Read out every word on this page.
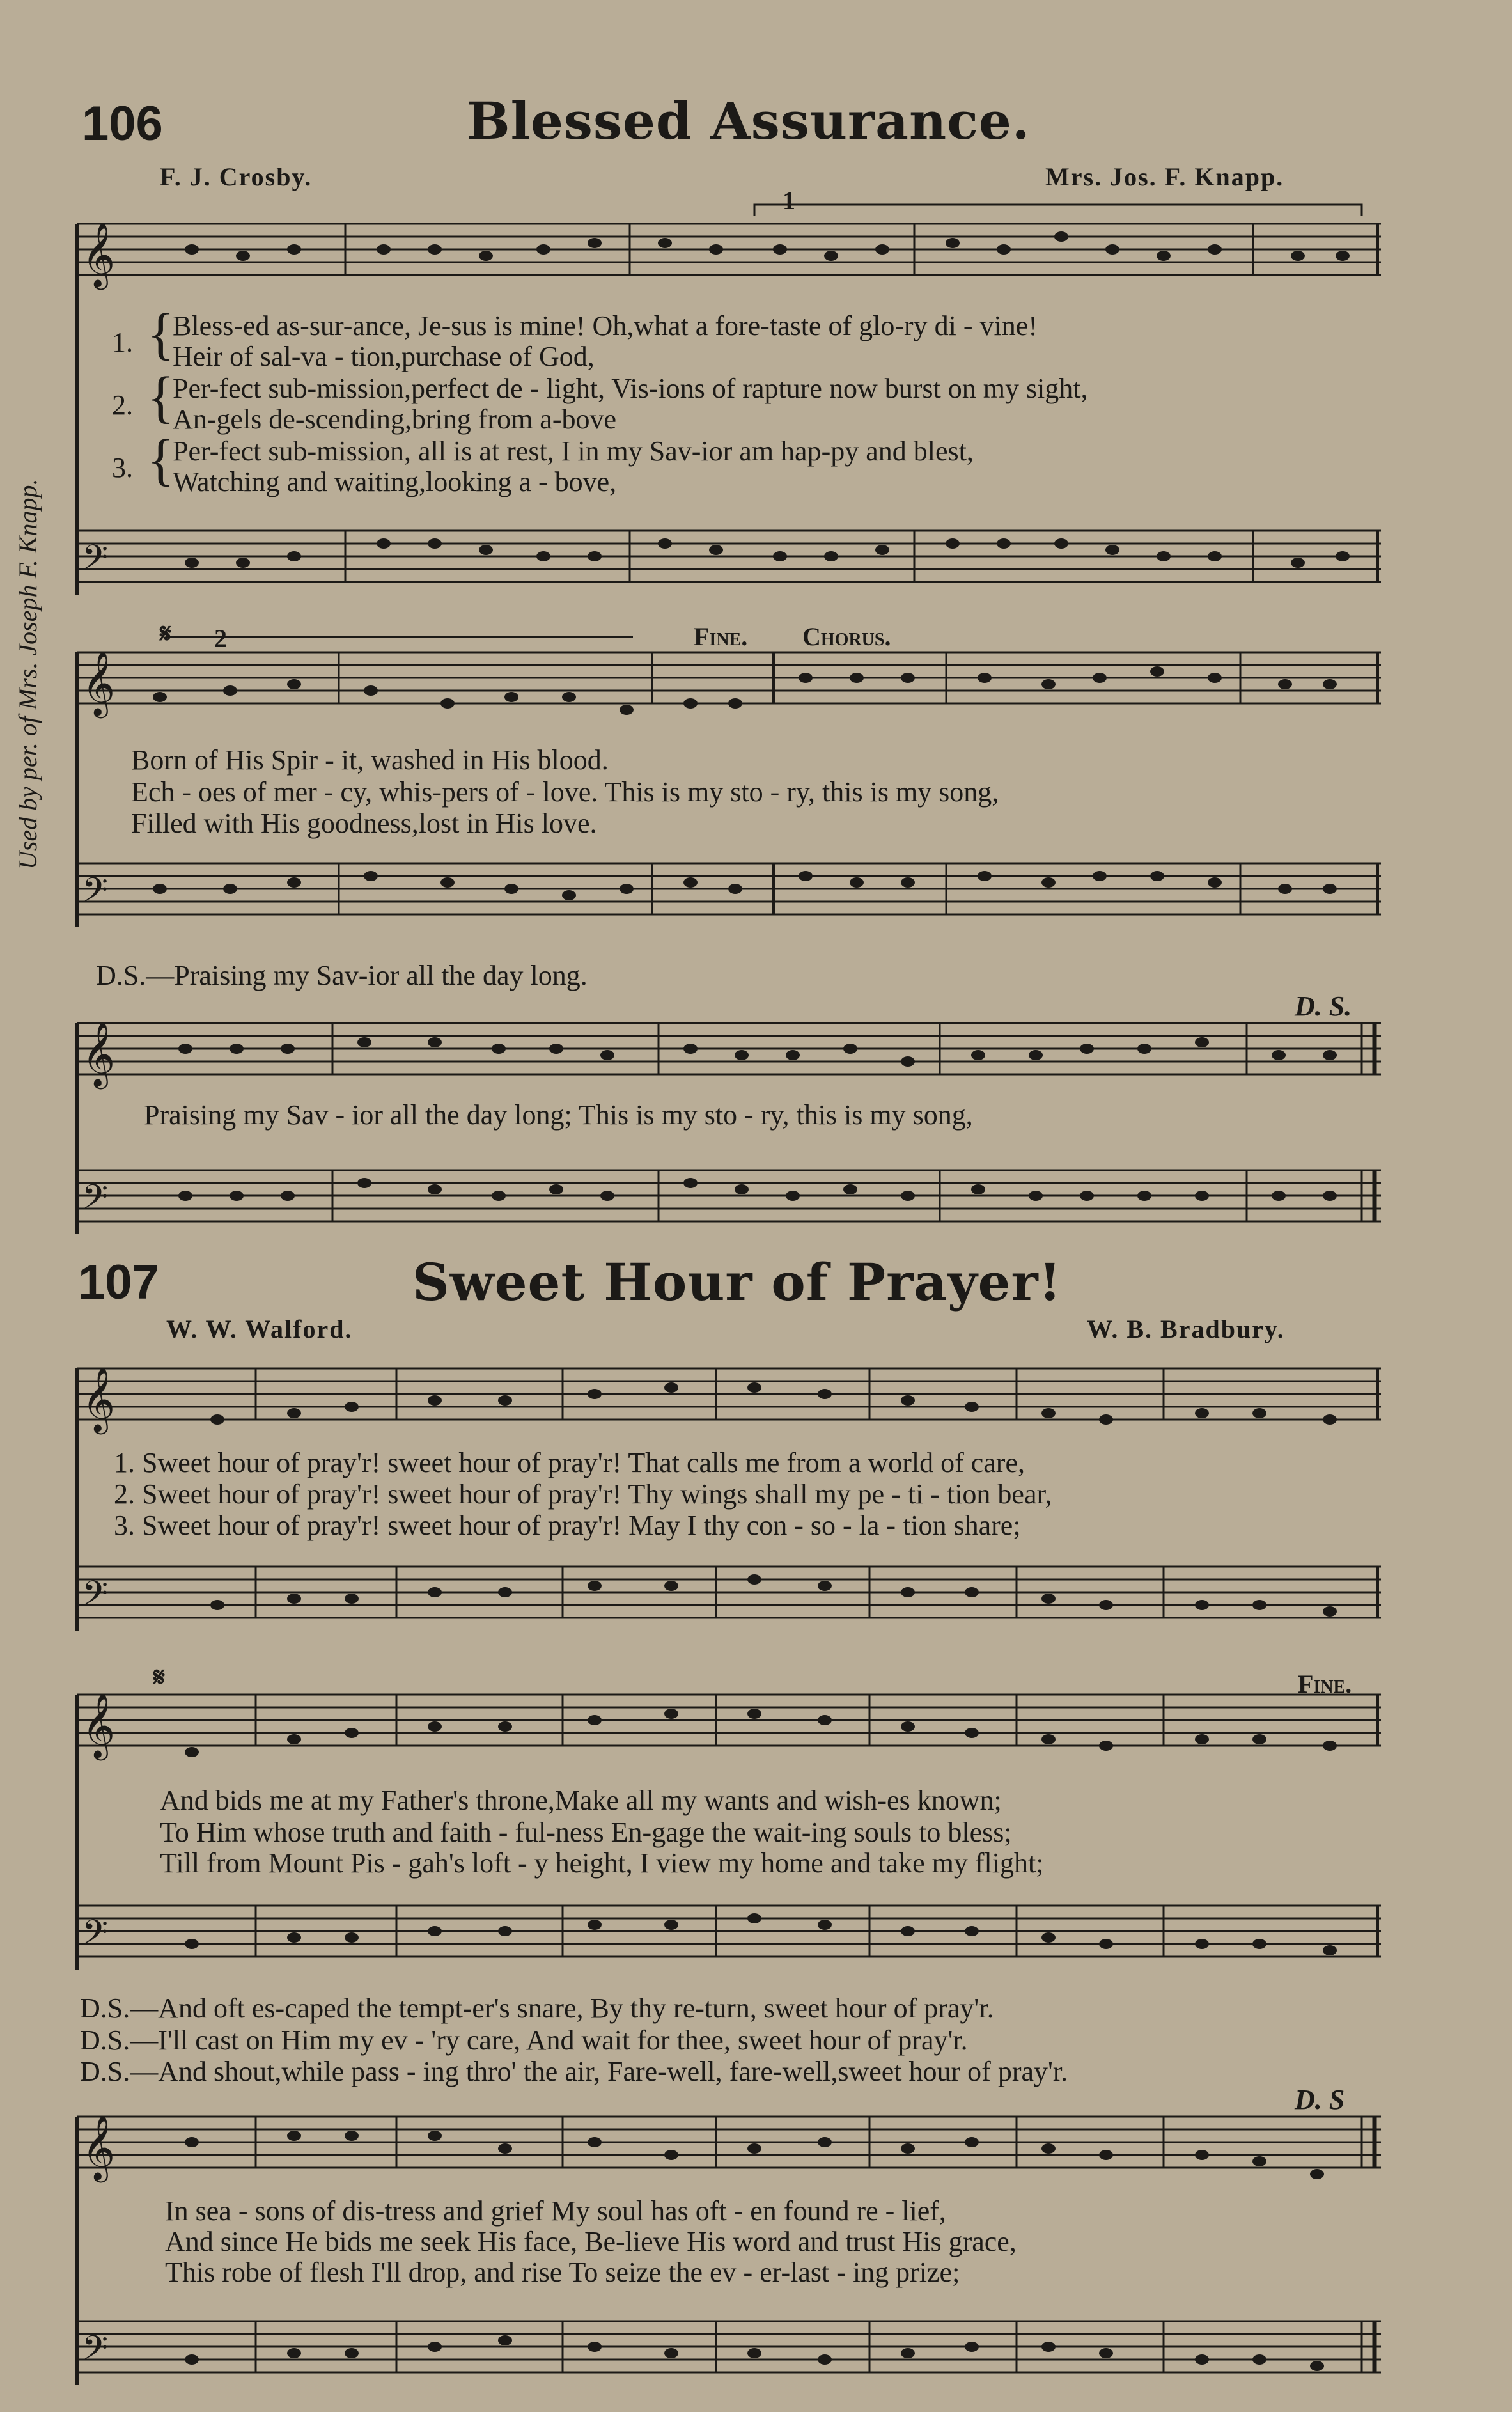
106	Blessed Assurance.
F. J. Crosby.	Mrs. Jos. F. Knapp.
Used by per. of Mrs. Joseph F. Knapp.
𝄞
𝄢
1
1. {
Bless-ed as-sur-ance, Je-sus is mine! Oh,what a fore-taste of glo-ry di - vine!
Heir of sal-va - tion,purchase of God,
2. {
Per-fect sub-mission,perfect de - light, Vis-ions of rapture now burst on my sight,
An-gels de-scending,bring from a-bove
3. {
Per-fect sub-mission, all is at rest, I in my Sav-ior am hap-py and blest,
Watching and waiting,looking a - bove,
𝄞
𝄢
𝄋 2	Fine. Chorus.
Born of His Spir - it, washed in His blood.
Ech - oes of mer - cy, whis-pers of - love. This is my sto - ry, this is my song,
Filled with His goodness,lost in His love.
D.S.—Praising my Sav-ior all the day long.
𝄞
𝄢
D. S.
Praising my Sav - ior all the day long; This is my sto - ry, this is my song,
107	Sweet Hour of Prayer!
W. W. Walford.	W. B. Bradbury.
𝄞
𝄢
1. Sweet hour of pray'r! sweet hour of pray'r! That calls me from a world of care,
2. Sweet hour of pray'r! sweet hour of pray'r! Thy wings shall my pe - ti - tion bear,
3. Sweet hour of pray'r! sweet hour of pray'r! May I thy con - so - la - tion share;
𝄞
𝄢
𝄋	Fine.
And bids me at my Father's throne,Make all my wants and wish-es known;
To Him whose truth and faith - ful-ness En-gage the wait-ing souls to bless;
Till from Mount Pis - gah's loft - y height, I view my home and take my flight;
D.S.—And oft es-caped the tempt-er's snare, By thy re-turn, sweet hour of pray'r.
D.S.—I'll cast on Him my ev - 'ry care, And wait for thee, sweet hour of pray'r.
D.S.—And shout,while pass - ing thro' the air, Fare-well, fare-well,sweet hour of pray'r.
𝄞
𝄢
D. S
In sea - sons of dis-tress and grief My soul has oft - en found re - lief,
And since He bids me seek His face, Be-lieve His word and trust His grace,
This robe of flesh I'll drop, and rise To seize the ev - er-last - ing prize;
